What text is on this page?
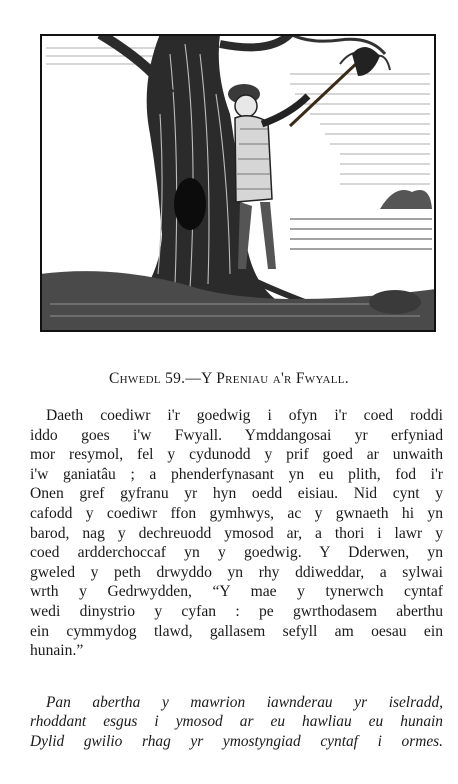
Chwedl 59.—Y Preniau a'r Fwyall.
Daeth coediwr i'r goedwig i ofyn i'r coed roddi
iddo goes i'w Fwyall. Ymddangosai yr erfyniad
mor resymol, fel y cydunodd y prif goed ar unwaith
i'w ganiatâu ; a phenderfynasant yn eu plith, fod i'r
Onen gref gyfranu yr hyn oedd eisiau. Nid cynt y
cafodd y coediwr ffon gymhwys, ac y gwnaeth hi yn
barod, nag y dechreuodd ymosod ar, a thori i lawr y
coed ardderchoccaf yn y goedwig. Y Dderwen, yn
gweled y peth drwyddo yn rhy ddiweddar, a sylwai
wrth y Gedrwydden, “Y mae y tynerwch cyntaf
wedi dinystrio y cyfan : pe gwrthodasem aberthu
ein cymmydog tlawd, gallasem sefyll am oesau ein
hunain.”
Pan abertha y mawrion iawnderau yr iselradd,
rhoddant esgus i ymosod ar eu hawliau eu hunain
Dylid gwilio rhag yr ymostyngiad cyntaf i ormes.
